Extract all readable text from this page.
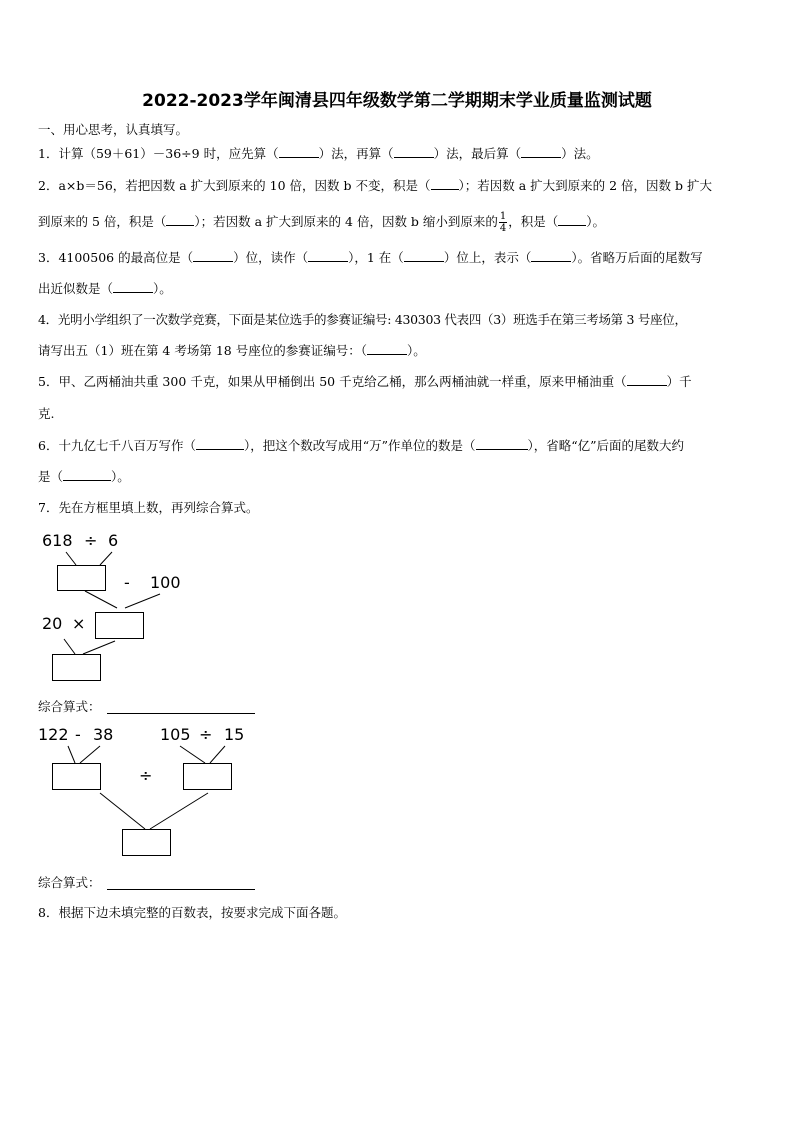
2022-2023学年闽清县四年级数学第二学期期末学业质量监测试题
一、用心思考，认真填写。
1．计算（59＋61）－36÷9 时，应先算（	）法，再算（	）法，最后算（	）法。
2．a×b＝56，若把因数 a 扩大到原来的 10 倍，因数 b 不变，积是（ ）；若因数 a 扩大到原来的 2 倍，因数 b 扩大
到原来的 5 倍，积是（ ）；若因数 a 扩大到原来的 4 倍，因数 b 缩小到原来的 $\frac{1}{4}$ ，积是（ ）。
3．4100506 的最高位是（	）位，读作（	），1 在（	）位上，表示（	）。省略万后面的尾数写
出近似数是（	）。
4．光明小学组织了一次数学竞赛，下面是某位选手的参赛证编号: 430303 代表四（3）班选手在第三考场第 3 号座位，
请写出五（1）班在第 4 考场第 18 号座位的参赛证编号：（	）。
5．甲、乙两桶油共重 300 千克，如果从甲桶倒出 50 千克给乙桶，那么两桶油就一样重，原来甲桶油重（	）千
克.
6．十九亿七千八百万写作（	），把这个数改写成用“万”作单位的数是（	），省略“亿”后面的尾数大约
是（	）。
7．先在方框里填上数，再列综合算式。
618 ÷ 6
- 100
20 ×
综合算式：
122 - 38	105 ÷ 15
÷
综合算式：
8．根据下边未填完整的百数表，按要求完成下面各题。
